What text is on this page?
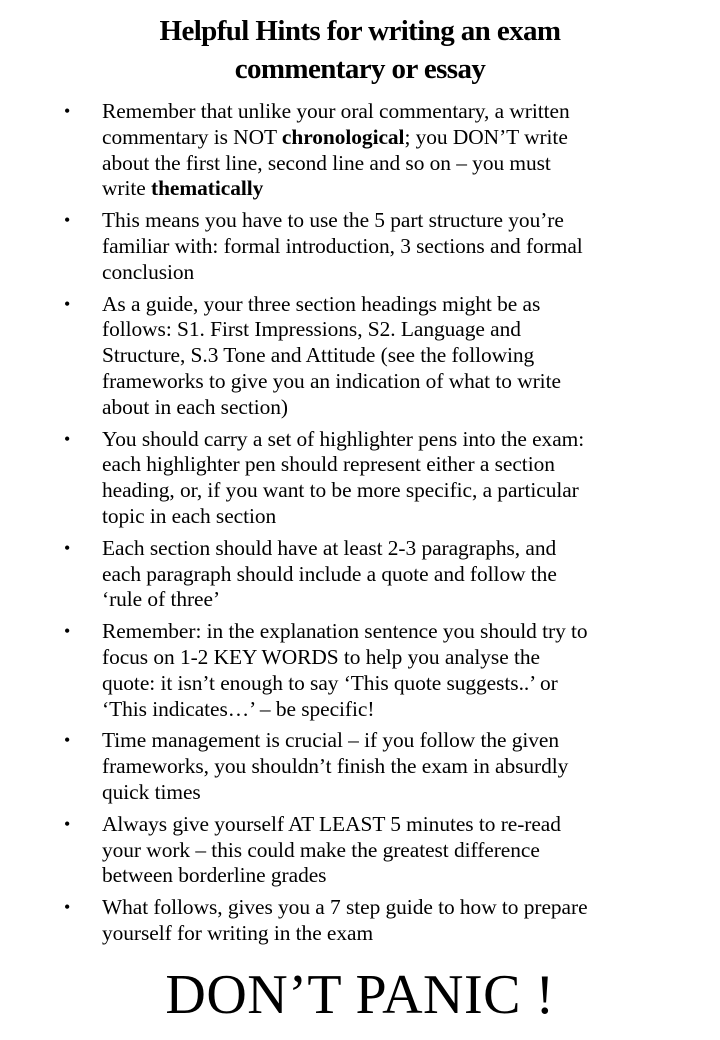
Helpful Hints for writing an exam
commentary or essay
• Remember that unlike your oral commentary, a written
commentary is NOT chronological; you DON’T write
about the first line, second line and so on – you must
write thematically
• This means you have to use the 5 part structure you’re
familiar with: formal introduction, 3 sections and formal
conclusion
• As a guide, your three section headings might be as
follows: S1. First Impressions, S2. Language and
Structure, S.3 Tone and Attitude (see the following
frameworks to give you an indication of what to write
about in each section)
• You should carry a set of highlighter pens into the exam:
each highlighter pen should represent either a section
heading, or, if you want to be more specific, a particular
topic in each section
• Each section should have at least 2-3 paragraphs, and
each paragraph should include a quote and follow the
‘rule of three’
• Remember: in the explanation sentence you should try to
focus on 1-2 KEY WORDS to help you analyse the
quote: it isn’t enough to say ‘This quote suggests..’ or
‘This indicates…’ – be specific!
• Time management is crucial – if you follow the given
frameworks, you shouldn’t finish the exam in absurdly
quick times
• Always give yourself AT LEAST 5 minutes to re-read
your work – this could make the greatest difference
between borderline grades
• What follows, gives you a 7 step guide to how to prepare
yourself for writing in the exam

DON’T PANIC !
